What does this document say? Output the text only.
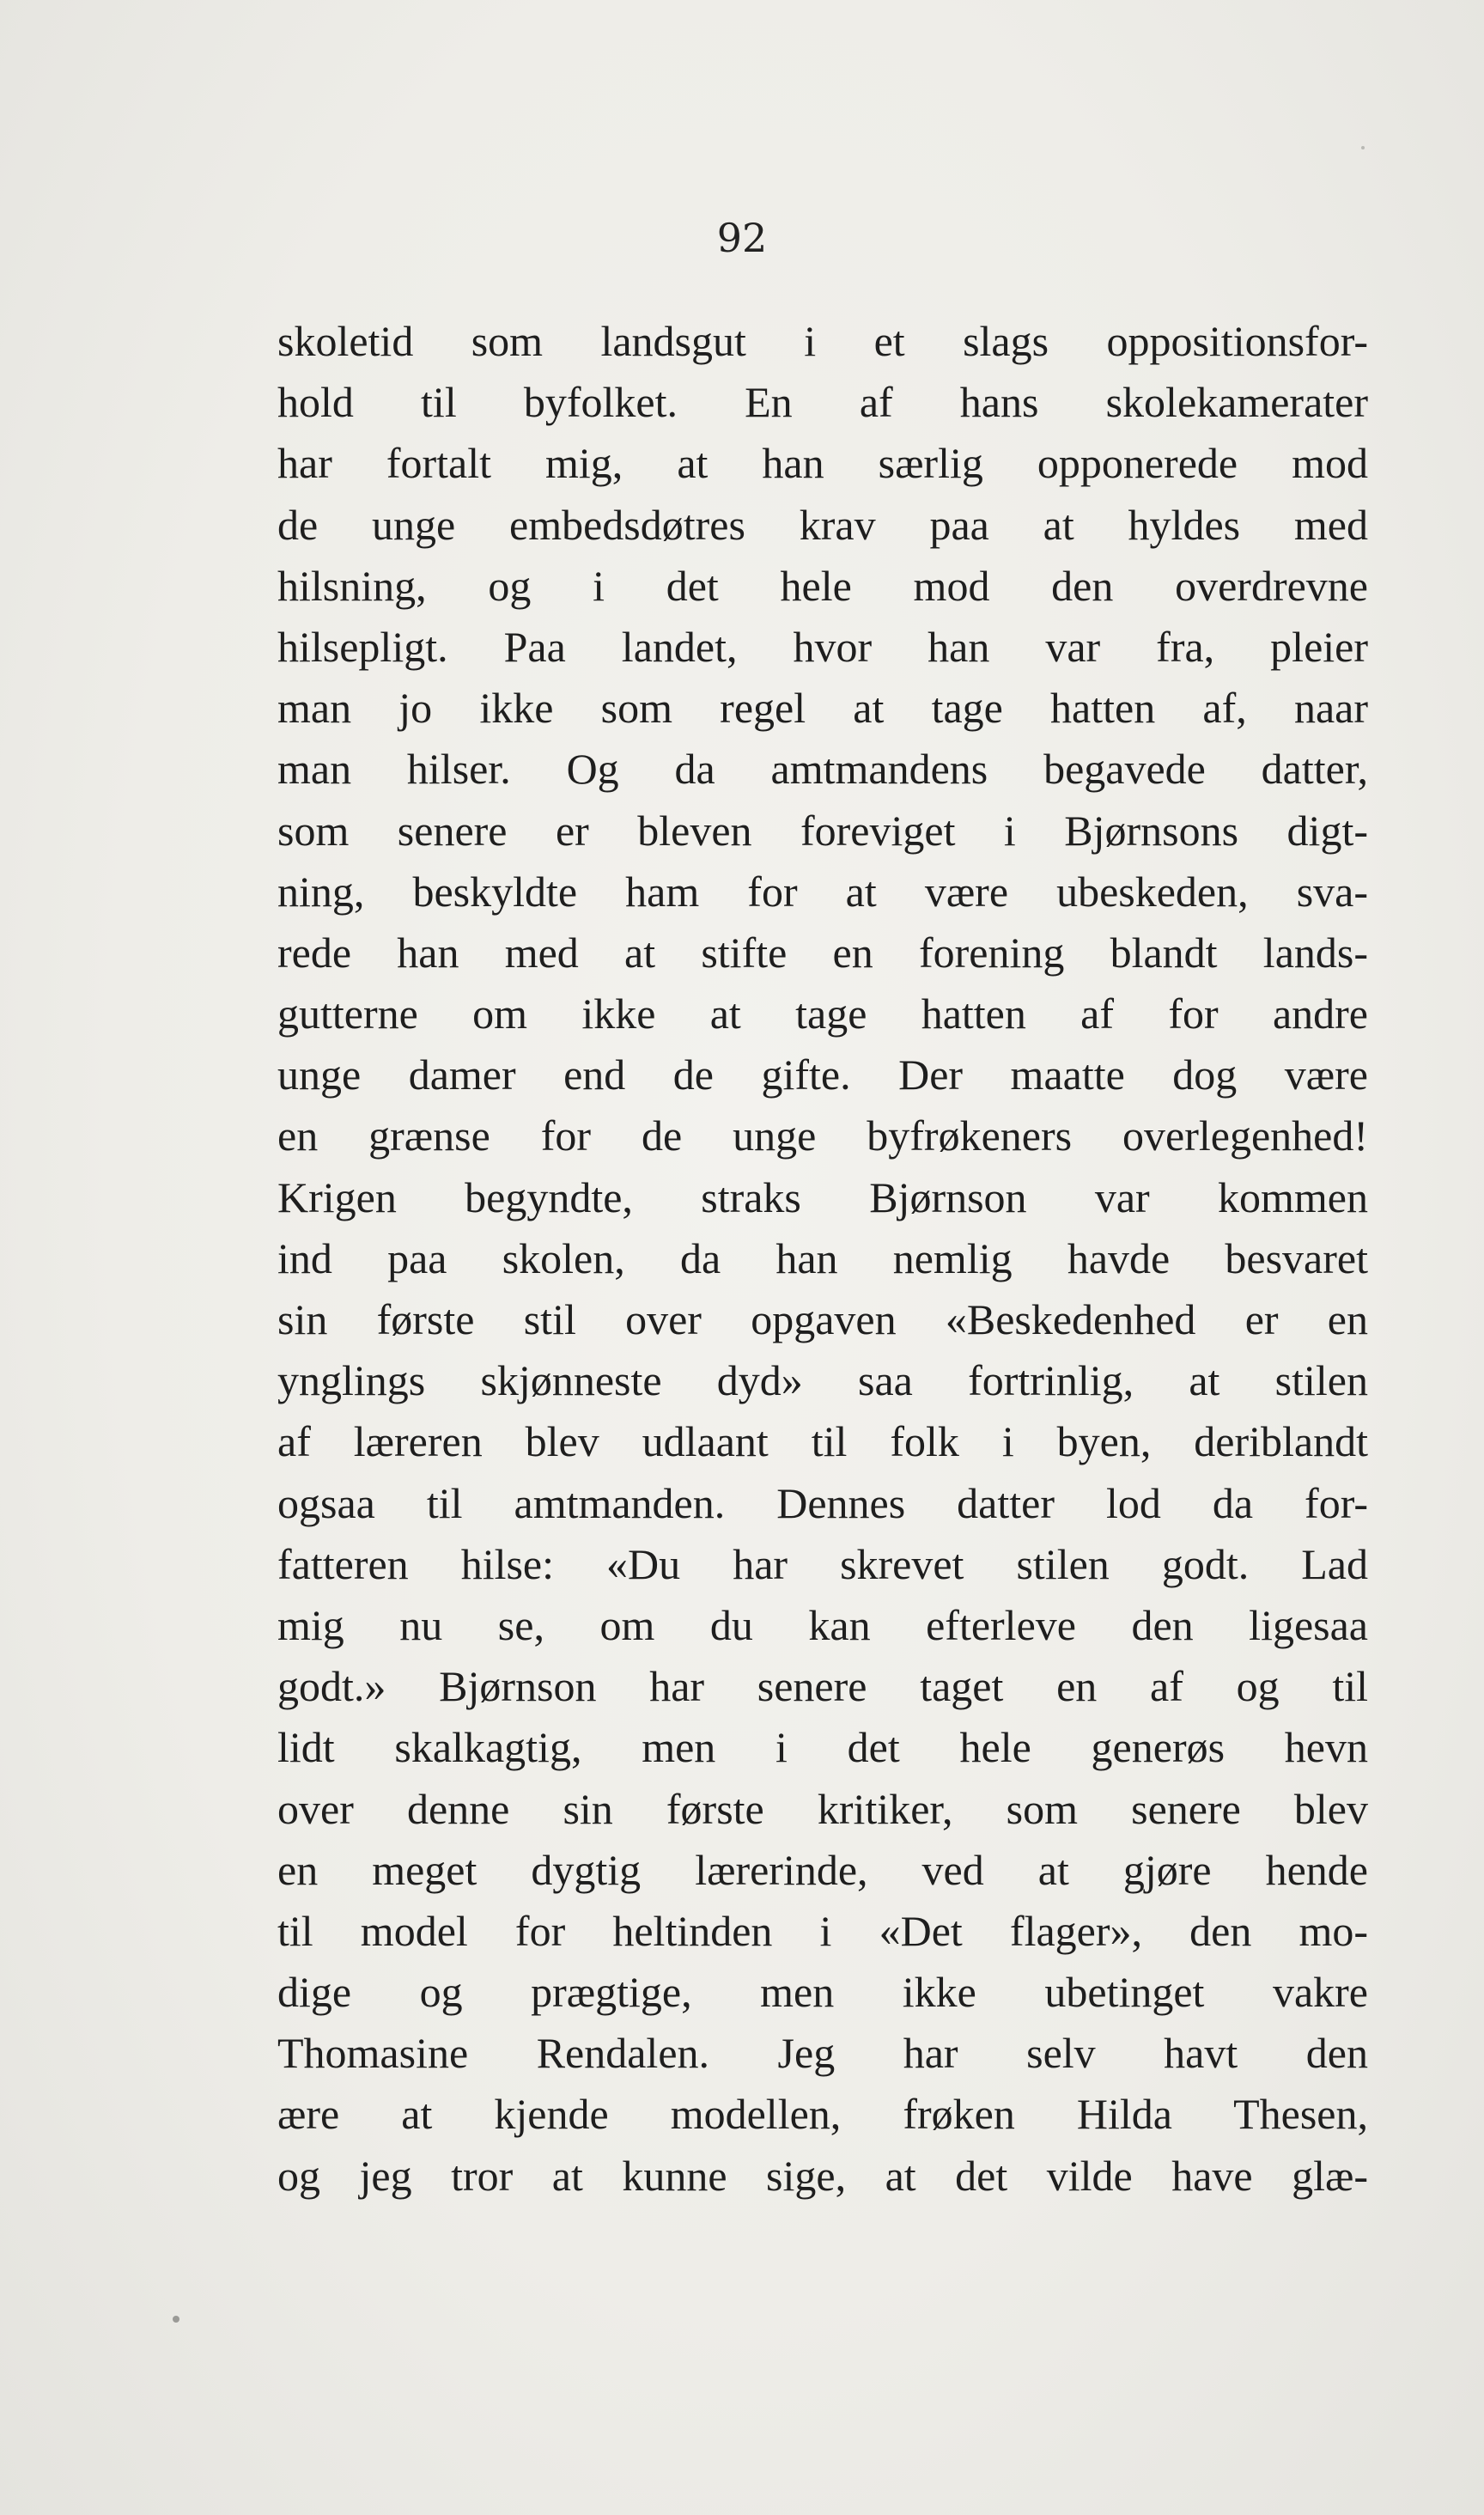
92
skoletid som landsgut i et slags oppositionsfor-
hold til byfolket. En af hans skolekamerater
har fortalt mig, at han særlig opponerede mod
de unge embedsdøtres krav paa at hyldes med
hilsning, og i det hele mod den overdrevne
hilsepligt. Paa landet, hvor han var fra, pleier
man jo ikke som regel at tage hatten af, naar
man hilser. Og da amtmandens begavede datter,
som senere er bleven foreviget i Bjørnsons digt-
ning, beskyldte ham for at være ubeskeden, sva-
rede han med at stifte en forening blandt lands-
gutterne om ikke at tage hatten af for andre
unge damer end de gifte. Der maatte dog være
en grænse for de unge byfrøkeners overlegenhed!
Krigen begyndte, straks Bjørnson var kommen
ind paa skolen, da han nemlig havde besvaret
sin første stil over opgaven «Beskedenhed er en
ynglings skjønneste dyd» saa fortrinlig, at stilen
af læreren blev udlaant til folk i byen, deriblandt
ogsaa til amtmanden. Dennes datter lod da for-
fatteren hilse: «Du har skrevet stilen godt. Lad
mig nu se, om du kan efterleve den ligesaa
godt.» Bjørnson har senere taget en af og til
lidt skalkagtig, men i det hele generøs hevn
over denne sin første kritiker, som senere blev
en meget dygtig lærerinde, ved at gjøre hende
til model for heltinden i «Det flager», den mo-
dige og prægtige, men ikke ubetinget vakre
Thomasine Rendalen. Jeg har selv havt den
ære at kjende modellen, frøken Hilda Thesen,
og jeg tror at kunne sige, at det vilde have glæ-
